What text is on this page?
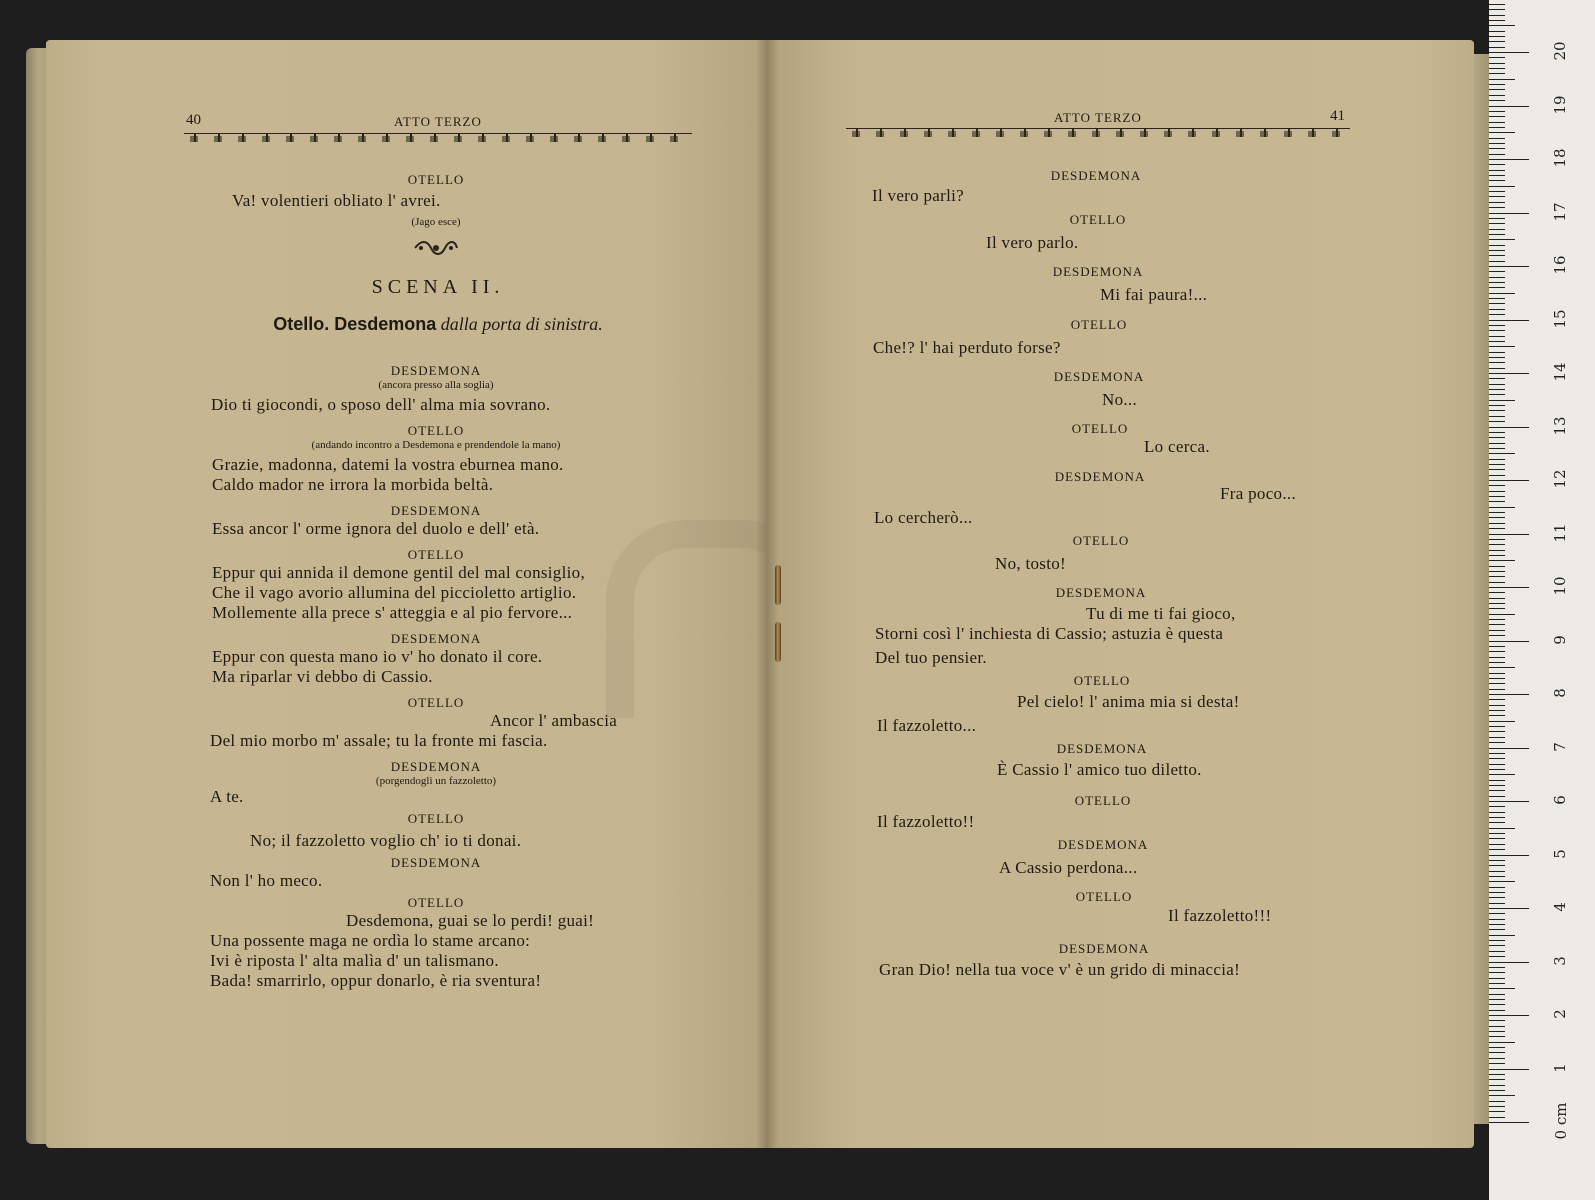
40	ATTO TERZO
OTELLO
Va! volentieri obliato l' avrei.
(Jago esce)
SCENA II.
Otello. Desdemona dalla porta di sinistra.
DESDEMONA
(ancora presso alla soglia)
Dio ti giocondi, o sposo dell' alma mia sovrano.
OTELLO
(andando incontro a Desdemona e prendendole la mano)
Grazie, madonna, datemi la vostra eburnea mano.
Caldo mador ne irrora la morbida beltà.
DESDEMONA
Essa ancor l' orme ignora del duolo e dell' età.
OTELLO
Eppur qui annida il demone gentil del mal consiglio,
Che il vago avorio allumina del piccioletto artiglio.
Mollemente alla prece s' atteggia e al pio fervore...
DESDEMONA
Eppur con questa mano io v' ho donato il core.
Ma riparlar vi debbo di Cassio.
OTELLO
Ancor l' ambascia
Del mio morbo m' assale; tu la fronte mi fascia.
DESDEMONA
(porgendogli un fazzoletto)
A te.
OTELLO
No; il fazzoletto voglio ch' io ti donai.
DESDEMONA
Non l' ho meco.
OTELLO
Desdemona, guai se lo perdi! guai!
Una possente maga ne ordìa lo stame arcano:
Ivi è riposta l' alta malìa d' un talismano.
Bada! smarrirlo, oppur donarlo, è ria sventura!
ATTO TERZO	41
DESDEMONA
Il vero parli?
OTELLO
Il vero parlo.
DESDEMONA
Mi fai paura!...
OTELLO
Che!? l' hai perduto forse?
DESDEMONA
No...
OTELLO
Lo cerca.
DESDEMONA
Fra poco...
Lo cercherò...
OTELLO
No, tosto!
DESDEMONA
Tu di me ti fai gioco,
Storni così l' inchiesta di Cassio; astuzia è questa
Del tuo pensier.
OTELLO
Pel cielo! l' anima mia si desta!
Il fazzoletto...
DESDEMONA
È Cassio l' amico tuo diletto.
OTELLO
Il fazzoletto!!
DESDEMONA
A Cassio perdona...
OTELLO
Il fazzoletto!!!
DESDEMONA
Gran Dio! nella tua voce v' è un grido di minaccia!
0 cm
1
2
3
4
5
6
7
8
9
10
11
12
13
14
15
16
17
18
19
20
